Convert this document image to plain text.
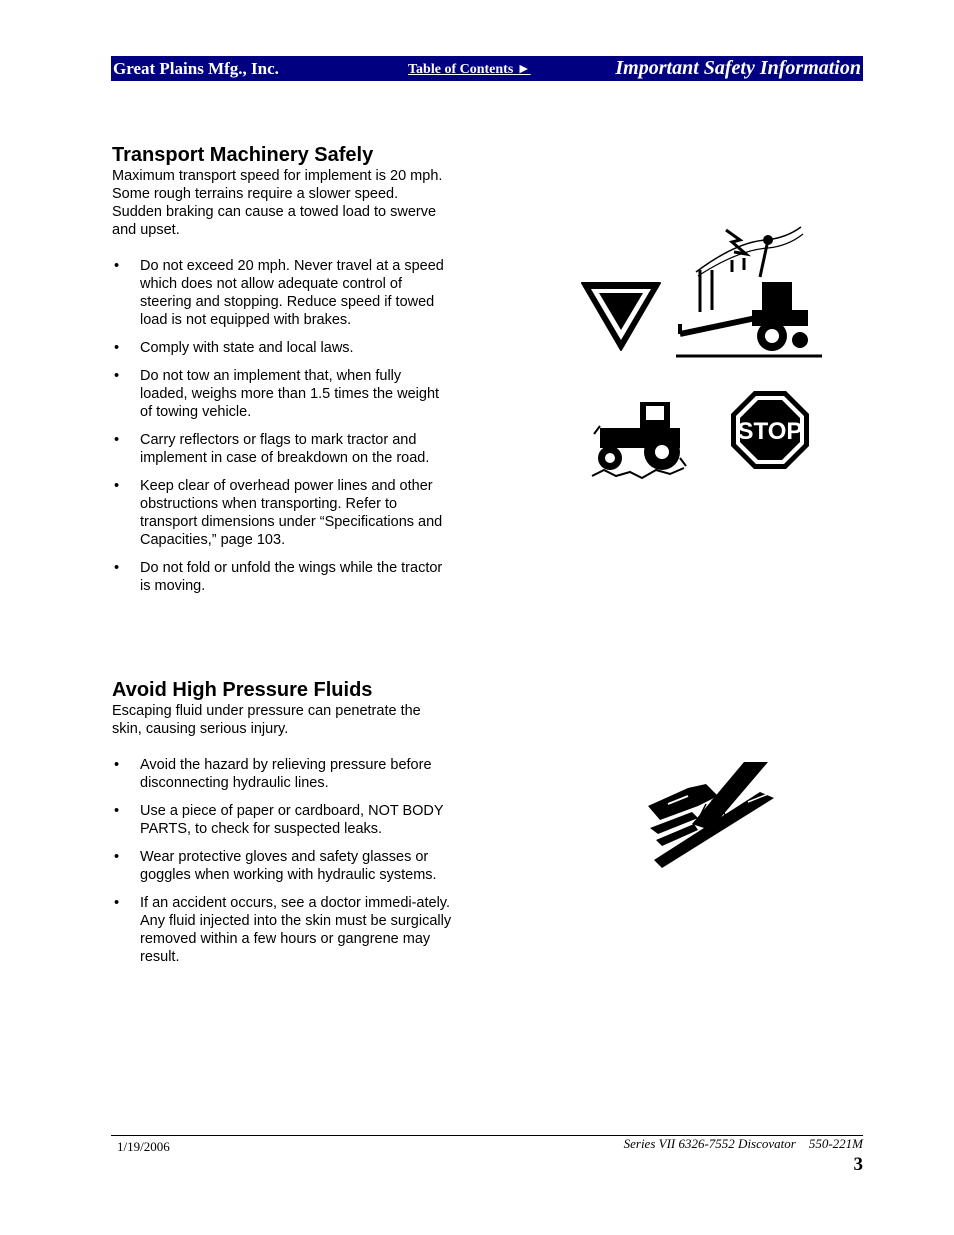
Great Plains Mfg., Inc.	Table of Contents ►	Important Safety Information
Transport Machinery Safely

Maximum transport speed for implement is 20 mph. Some rough terrains require a slower speed. Sudden braking can cause a towed load to swerve and upset.

• Do not exceed 20 mph. Never travel at a speed which does not allow adequate control of steering and stopping. Reduce speed if towed load is not equipped with brakes.
• Comply with state and local laws.
• Do not tow an implement that, when fully loaded, weighs more than 1.5 times the weight of towing vehicle.
• Carry reflectors or flags to mark tractor and implement in case of breakdown on the road.
• Keep clear of overhead power lines and other obstructions when transporting. Refer to transport dimensions under “Specifications and Capacities,” page 103.
• Do not fold or unfold the wings while the tractor is moving.
STOP
Avoid High Pressure Fluids

Escaping fluid under pressure can penetrate the skin, causing serious injury.

• Avoid the hazard by relieving pressure before disconnecting hydraulic lines.
• Use a piece of paper or cardboard, NOT BODY PARTS, to check for suspected leaks.
• Wear protective gloves and safety glasses or goggles when working with hydraulic systems.
• If an accident occurs, see a doctor immedi-ately. Any fluid injected into the skin must be surgically removed within a few hours or gangrene may result.
1/19/2006	Series VII 6326-7552 Discovator    550-221M
3
